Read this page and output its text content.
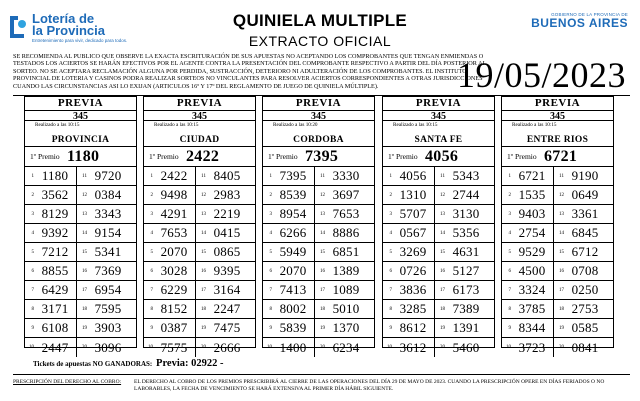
Lotería de
la Provincia
Entretenimiento para vivir, dedicado para todos.
QUINIELA MULTIPLE
EXTRACTO OFICIAL
GOBIERNO DE LA PROVINCIA DE
BUENOS AIRES
SE RECOMIENDA AL PUBLICO QUE OBSERVE LA EXACTA ESCRITURACIÓN DE SUS APUESTAS NO ACEPTANDO LOS COMPROBANTES QUE TENGAN ENMIENDAS O TESTADOS LOS ACIERTOS SE HARÁN EFECTIVOS POR EL AGENTE CONTRA LA PRESENTACIÓN DEL COMPROBANTE RESPECTIVO A PARTIR DEL DÍA POSTERIOR AL SORTEO. NO SE ACEPTARA RECLAMACIÓN ALGUNA POR PERDIDA, SUSTRACCIÓN, DETERIORO NI ADULTERACIÓN DE LOS COMPROBANTES. EL INSTITUTO PROVINCIAL DE LOTERIA Y CASINOS PODRA REALIZAR SORTEOS NO VINCULANTES PARA RESOLVER ACIERTOS CORRESPONDIENTES A OTRAS JURISDICCIONES CUANDO LAS CIRCUNSTANCIAS ASI LO EXIJAN (ARTICULOS 16º Y 17º DEL REGLAMENTO DE JUEGO DE QUINIELA MÚLTIPLE).	19/05/2023
PREVIA
345
Realizado a las 10:15
PROVINCIA
1º Premio 1180
1 1180	11 9720
2 3562	12 0384
3 8129	13 3343
4 9392	14 9154
5 7212	15 5341
6 8855	16 7369
7 6429	17 6954
8 3171	18 7595
9 6108	19 3903
10 2447	20 3096
PREVIA
345
Realizado a las 10:15
CIUDAD
1º Premio 2422
1 2422	11 8405
2 9498	12 2983
3 4291	13 2219
4 7653	14 0415
5 2070	15 0865
6 3028	16 9395
7 6229	17 3164
8 8152	18 2247
9 0387	19 7475
10 7575	20 2666
PREVIA
345
Realizado a las 10:20
CORDOBA
1º Premio 7395
1 7395	11 3330
2 8539	12 3697
3 8954	13 7653
4 6266	14 8886
5 5949	15 6851
6 2070	16 1389
7 7413	17 1089
8 8002	18 5010
9 5839	19 1370
10 1400	20 6234
PREVIA
345
Realizado a las 10:15
SANTA FE
1º Premio 4056
1 4056	11 5343
2 1310	12 2744
3 5707	13 3130
4 0567	14 5356
5 3269	15 4631
6 0726	16 5127
7 3836	17 6173
8 3285	18 7389
9 8612	19 1391
10 3612	20 5460
PREVIA
345
Realizado a las 10:15
ENTRE RIOS
1º Premio 6721
1 6721	11 9190
2 1535	12 0649
3 9403	13 3361
4 2754	14 6845
5 9529	15 6712
6 4500	16 0708
7 3324	17 0250
8 3785	18 2753
9 8344	19 0585
10 3723	20 0841
Tickets de apuestas NO GANADORAS: Previa: 02922 -
PRESCRIPCIÓN DEL DERECHO AL COBRO: EL DERECHO AL COBRO DE LOS PREMIOS PRESCRIBIRÁ AL CIERRE DE LAS OPERACIONES DEL DÍA 29 DE MAYO DE 2023. CUANDO LA PRESCRIPCIÓN OPERE EN DÍAS FERIADOS O NO LABORABLES, LA FECHA DE VENCIMIENTO SE HARÁ EXTENSIVA AL PRIMER DÍA HÁBIL SIGUIENTE.
